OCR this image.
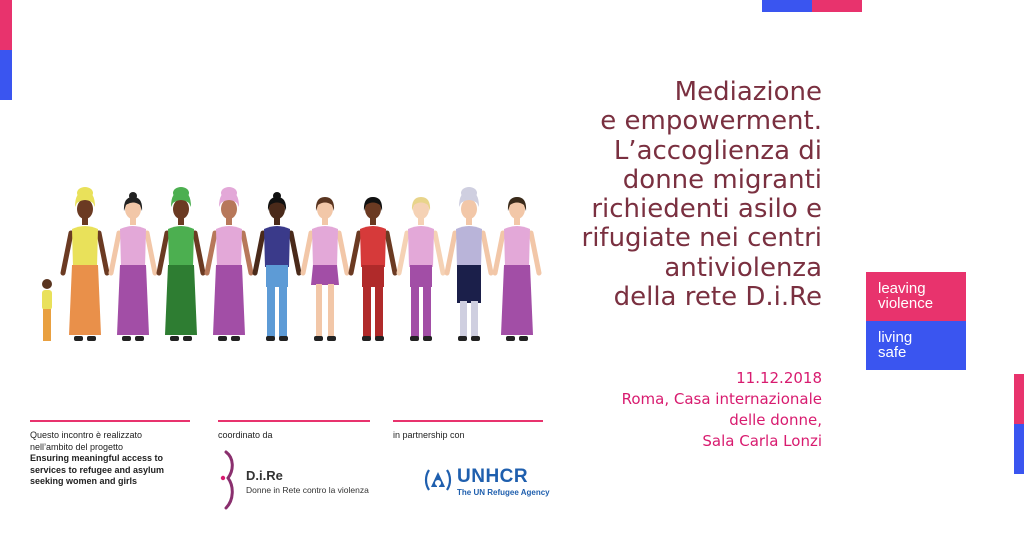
Mediazione
e empowerment.
L’accoglienza di
donne migranti
richiedenti asilo e
rifugiate nei centri
antiviolenza
della rete D.i.Re
11.12.2018
Roma, Casa internazionale
delle donne,
Sala Carla Lonzi
leaving
violence
living
safe
Questo incontro è realizzato
nell’ambito del progetto
Ensuring meaningful access to
services to refugee and asylum
seeking women and girls
coordinato da
D.i.Re
Donne in Rete contro la violenza
in partnership con
UNHCR
The UN Refugee Agency
